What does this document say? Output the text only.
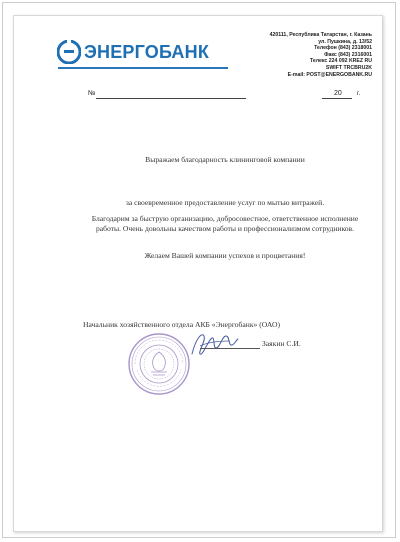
ЭНЕРГОБАНК
420111, Республика Татарстан, г. Казань
ул. Пушкина, д. 13/52
Телефон (843) 2318001
Факс (843) 2316001
Телекс 224 092 KREZ RU
SWIFT TRCBRU2K
E-mail: POST@ENERGOBANK.RU
№	20	г.
Выражаем благодарность клининговой компании
за своевременное предоставление услуг по мытью витражей.
Благодарим за быструю организацию, добросовестное, ответственное исполнение работы. Очень довольны качеством работы и профессионализмом сотрудников.
Желаем Вашей компании успехов и процветания!
Начальник хозяйственного отдела АКБ «Энергобанк» (ОАО)
Заякин С.И.
